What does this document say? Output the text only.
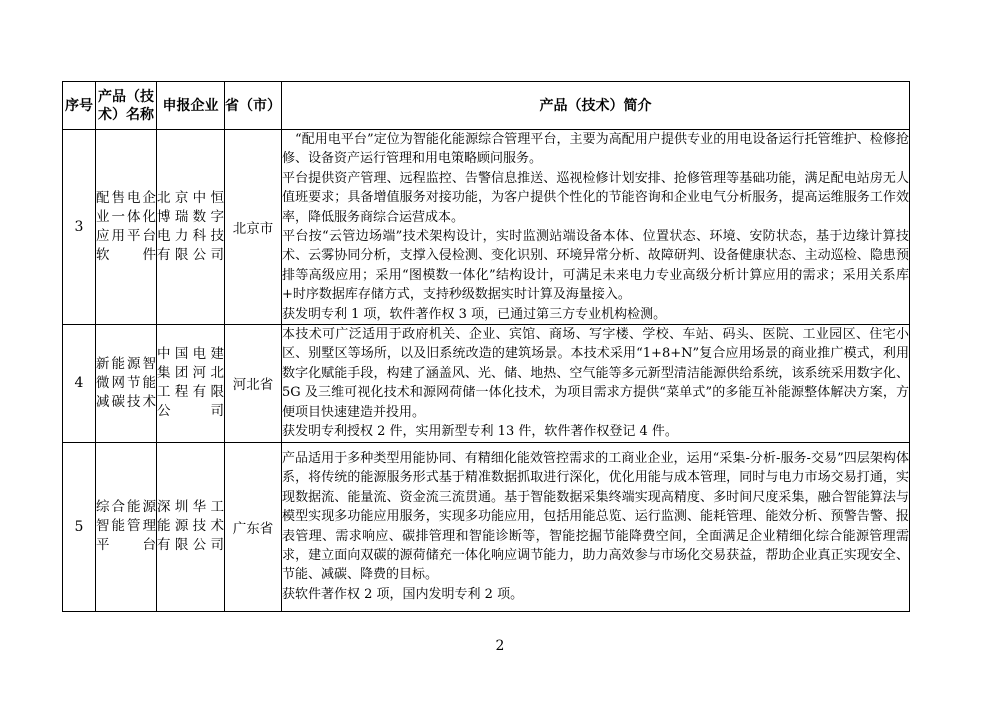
序号	产品（技术）名称	申报企业	省（市）	产品（技术）简介
3	配售电企业一体化应用平台软件	北京中恒博瑞数字电力科技有限公司	北京市	“配用电平台”定位为智能化能源综合管理平台，主要为高配用户提供专业的用电设备运行托管维护、检修抢修、设备资产运行管理和用电策略顾问服务。

平台提供资产管理、远程监控、告警信息推送、巡视检修计划安排、抢修管理等基础功能，满足配电站房无人值班要求；具备增值服务对接功能，为客户提供个性化的节能咨询和企业电气分析服务，提高运维服务工作效率，降低服务商综合运营成本。

平台按“云管边场端”技术架构设计，实时监测站端设备本体、位置状态、环境、安防状态，基于边缘计算技术、云雾协同分析，支撑入侵检测、变化识别、环境异常分析、故障研判、设备健康状态、主动巡检、隐患预排等高级应用；采用“图模数一体化”结构设计，可满足未来电力专业高级分析计算应用的需求；采用关系库+时序数据库存储方式，支持秒级数据实时计算及海量接入。

获发明专利 1 项，软件著作权 3 项，已通过第三方专业机构检测。

4	新能源智微网节能减碳技术	中国电建集团河北工程有限公司	河北省	本技术可广泛适用于政府机关、企业、宾馆、商场、写字楼、学校、车站、码头、医院、工业园区、住宅小区、别墅区等场所，以及旧系统改造的建筑场景。本技术采用“1+8+N”复合应用场景的商业推广模式，利用数字化赋能手段，构建了涵盖风、光、储、地热、空气能等多元新型清洁能源供给系统，该系统采用数字化、5G 及三维可视化技术和源网荷储一体化技术，为项目需求方提供“菜单式”的多能互补能源整体解决方案，方便项目快速建造并投用。

获发明专利授权 2 件，实用新型专利 13 件，软件著作权登记 4 件。

5	综合能源智能管理平台	深圳华工能源技术有限公司	广东省	产品适用于多种类型用能协同、有精细化能效管控需求的工商业企业，运用“采集-分析-服务-交易”四层架构体系，将传统的能源服务形式基于精准数据抓取进行深化，优化用能与成本管理，同时与电力市场交易打通，实现数据流、能量流、资金流三流贯通。基于智能数据采集终端实现高精度、多时间尺度采集，融合智能算法与模型实现多功能应用服务，实现多功能应用，包括用能总览、运行监测、能耗管理、能效分析、预警告警、报表管理、需求响应、碳排管理和智能诊断等，智能挖掘节能降费空间，全面满足企业精细化综合能源管理需求，建立面向双碳的源荷储充一体化响应调节能力，助力高效参与市场化交易获益，帮助企业真正实现安全、节能、减碳、降费的目标。

获软件著作权 2 项，国内发明专利 2 项。

2
